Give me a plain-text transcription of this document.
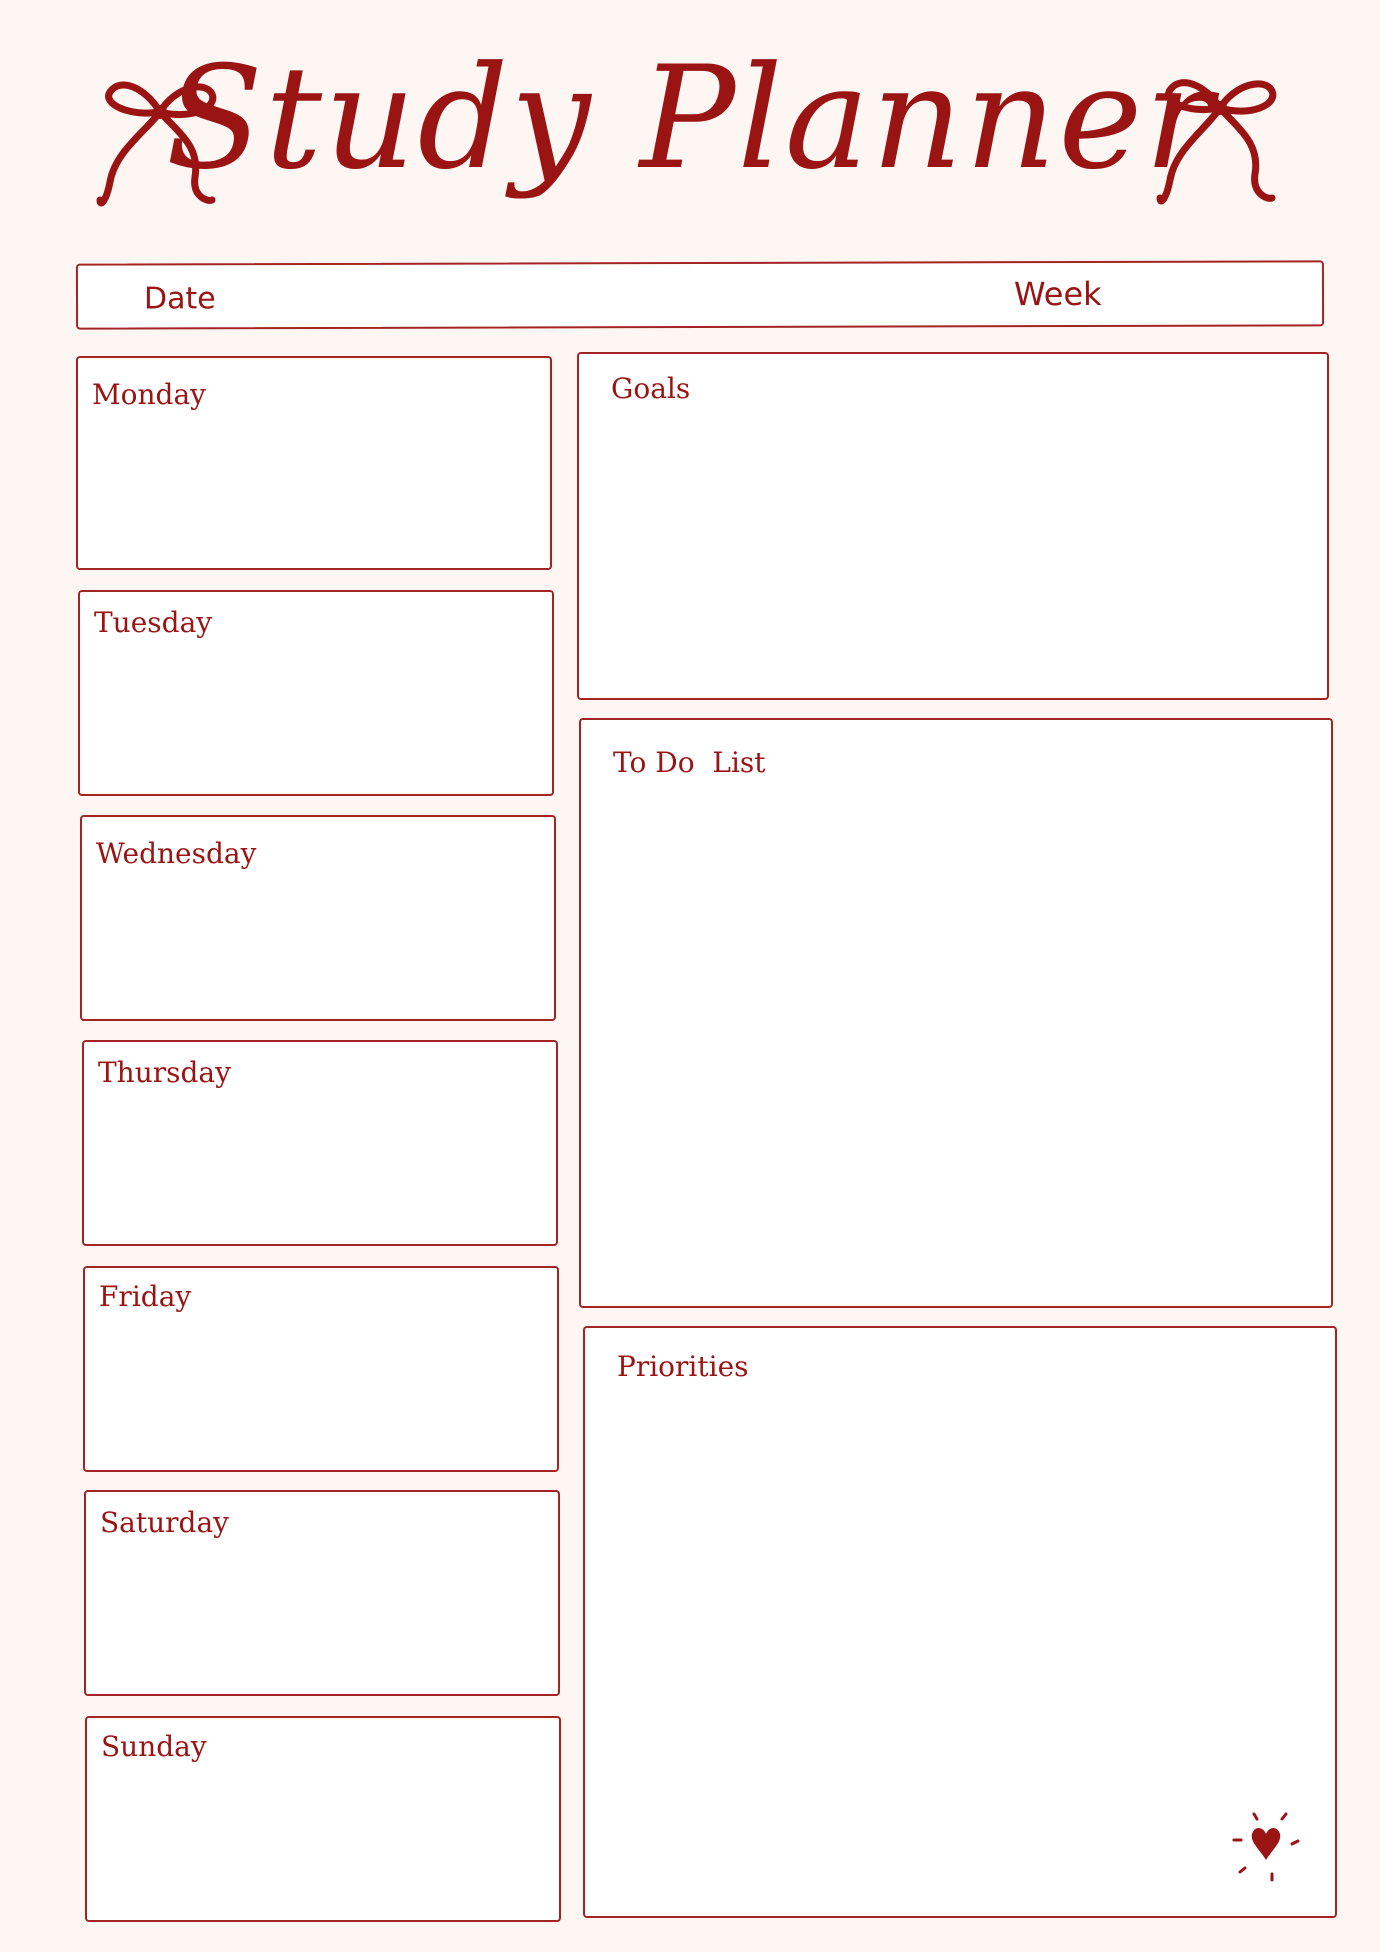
Study Planner
Date	Week
Monday
Tuesday
Wednesday
Thursday
Friday
Saturday
Sunday
Goals
To Do  List
Priorities
